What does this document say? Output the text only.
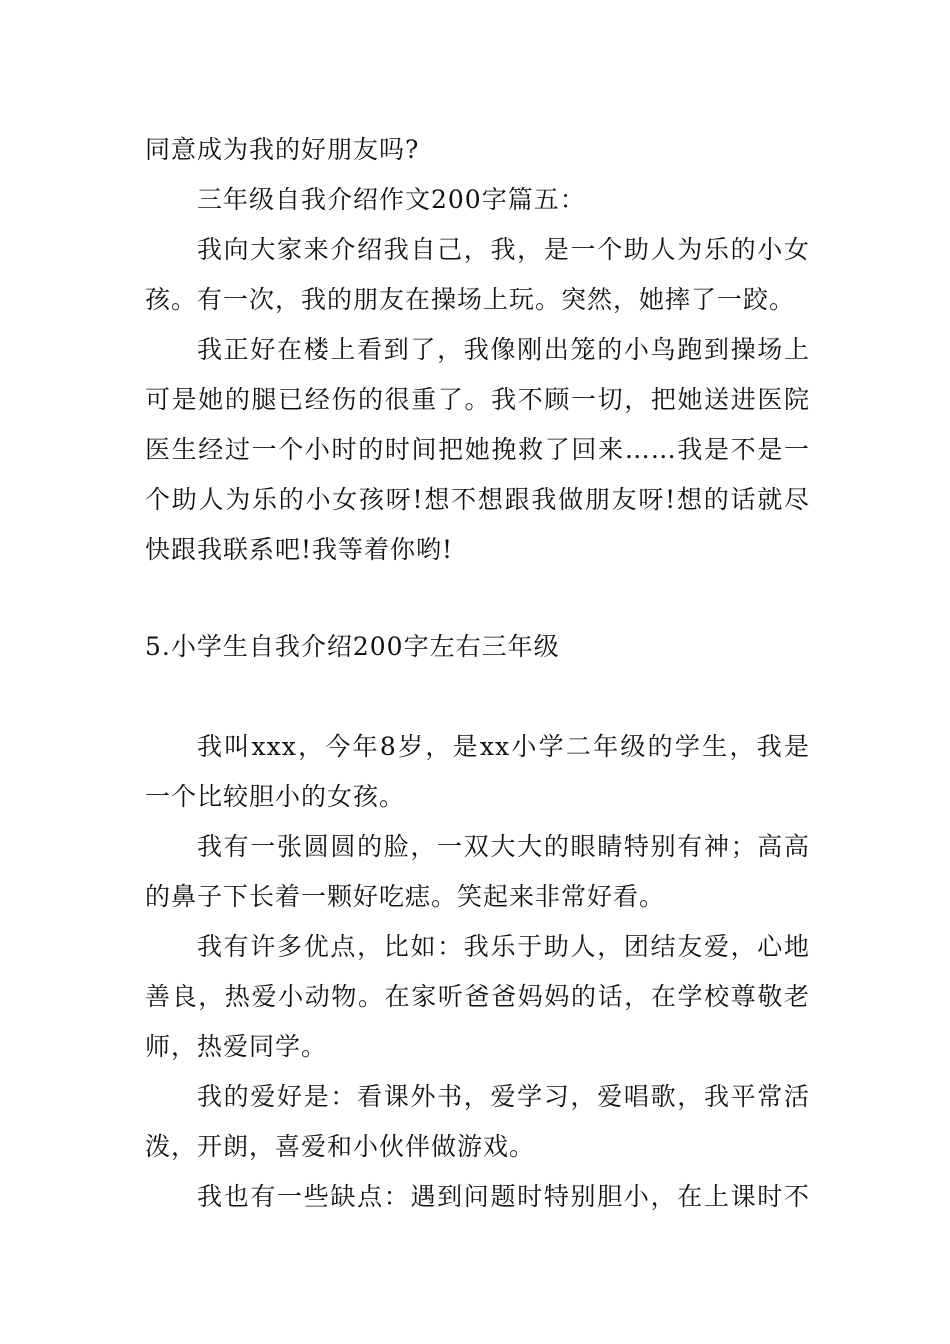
同意成为我的好朋友吗?
三年级自我介绍作文200字篇五：
我向大家来介绍我自己，我，是一个助人为乐的小女
孩。有一次，我的朋友在操场上玩。突然，她摔了一跤。
我正好在楼上看到了，我像刚出笼的小鸟跑到操场上
可是她的腿已经伤的很重了。我不顾一切，把她送进医院
医生经过一个小时的时间把她挽救了回来……我是不是一
个助人为乐的小女孩呀!想不想跟我做朋友呀!想的话就尽
快跟我联系吧!我等着你哟!
5.小学生自我介绍200字左右三年级
我叫xxx，今年8岁，是xx小学二年级的学生，我是
一个比较胆小的女孩。
我有一张圆圆的脸，一双大大的眼睛特别有神；高高
的鼻子下长着一颗好吃痣。笑起来非常好看。
我有许多优点，比如：我乐于助人，团结友爱，心地
善良，热爱小动物。在家听爸爸妈妈的话，在学校尊敬老
师，热爱同学。
我的爱好是：看课外书，爱学习，爱唱歌，我平常活
泼，开朗，喜爱和小伙伴做游戏。
我也有一些缺点：遇到问题时特别胆小，在上课时不
